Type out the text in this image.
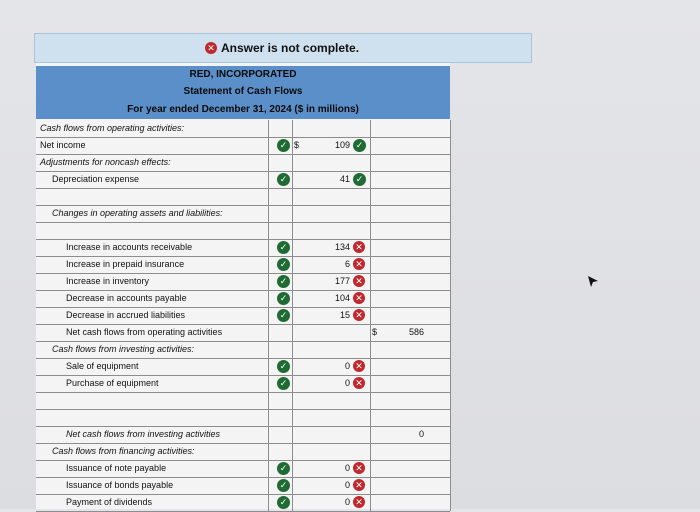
✕ Answer is not complete.
RED, INCORPORATED
Statement of Cash Flows
For year ended December 31, 2024 ($ in millions)
Cash flows from operating activities:
Net income	✓ $	109 ✓
Adjustments for noncash effects:
Depreciation expense	✓	41 ✓
Changes in operating assets and liabilities:
Increase in accounts receivable	✓	134 ✕
Increase in prepaid insurance	✓	6 ✕
Increase in inventory	✓	177 ✕
Decrease in accounts payable	✓	104 ✕
Decrease in accrued liabilities	✓	15 ✕
Net cash flows from operating activities	$	586
Cash flows from investing activities:
Sale of equipment	✓	0 ✕
Purchase of equipment	✓	0 ✕
Net cash flows from investing activities	0
Cash flows from financing activities:
Issuance of note payable	✓	0 ✕
Issuance of bonds payable	✓	0 ✕
Payment of dividends	✓	0 ✕
